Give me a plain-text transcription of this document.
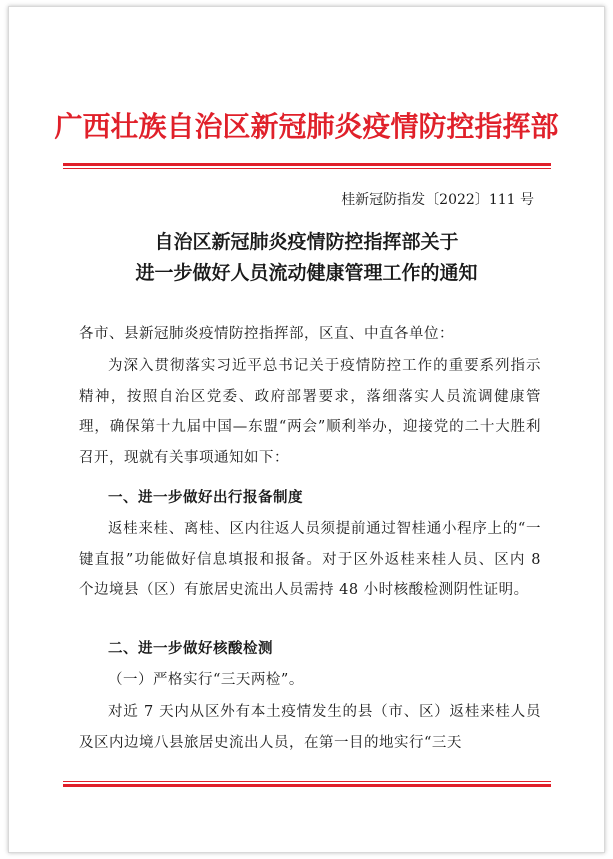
广西壮族自治区新冠肺炎疫情防控指挥部
桂新冠防指发〔2022〕111 号
自治区新冠肺炎疫情防控指挥部关于
进一步做好人员流动健康管理工作的通知
各市、县新冠肺炎疫情防控指挥部，区直、中直各单位：
为深入贯彻落实习近平总书记关于疫情防控工作的重要系列指示精神，按照自治区党委、政府部署要求，落细落实人员流调健康管理，确保第十九届中国—东盟“两会”顺利举办，迎接党的二十大胜利召开，现就有关事项通知如下：
一、进一步做好出行报备制度
返桂来桂、离桂、区内往返人员须提前通过智桂通小程序上的“一键直报”功能做好信息填报和报备。对于区外返桂来桂人员、区内 8 个边境县（区）有旅居史流出人员需持 48 小时核酸检测阴性证明。
二、进一步做好核酸检测
（一）严格实行“三天两检”。
对近 7 天内从区外有本土疫情发生的县（市、区）返桂来桂人员及区内边境八县旅居史流出人员，在第一目的地实行“三天
